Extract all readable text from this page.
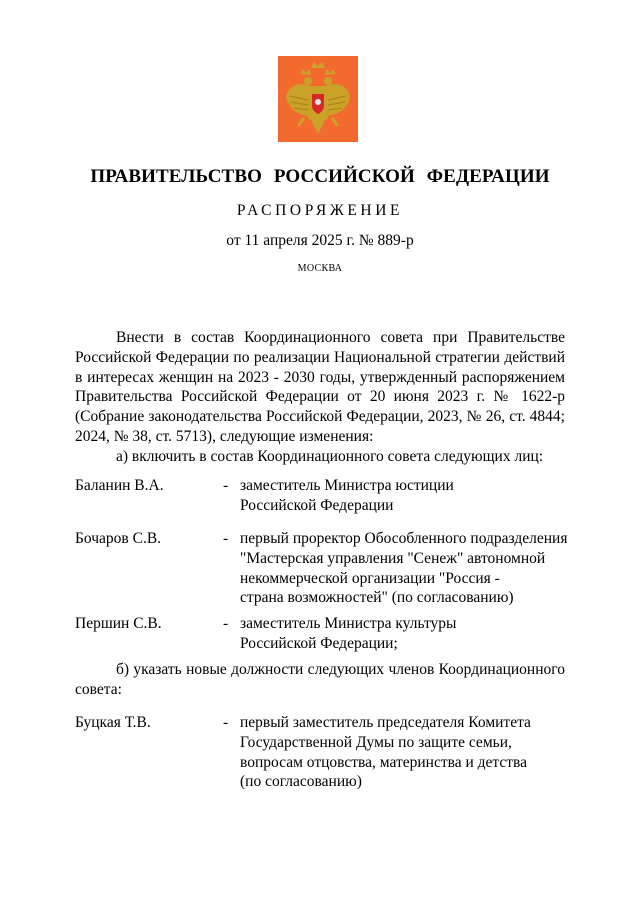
ПРАВИТЕЛЬСТВО РОССИЙСКОЙ ФЕДЕРАЦИИ
РАСПОРЯЖЕНИЕ
от 11 апреля 2025 г. № 889-р
МОСКВА
Внести в состав Координационного совета при Правительстве Российской Федерации по реализации Национальной стратегии действий в интересах женщин на 2023 - 2030 годы, утвержденный распоряжением Правительства Российской Федерации от 20 июня 2023 г. № 1622-р (Собрание законодательства Российской Федерации, 2023, № 26, ст. 4844; 2024, № 38, ст. 5713), следующие изменения:
а) включить в состав Координационного совета следующих лиц:
Баланин В.А.	- заместитель Министра юстиции
Российской Федерации
Бочаров С.В.	- первый проректор Обособленного подразделения
"Мастерская управления "Сенеж" автономной
некоммерческой организации "Россия -
страна возможностей" (по согласованию)
Першин С.В.	- заместитель Министра культуры
Российской Федерации;
б) указать новые должности следующих членов Координационного совета:
Буцкая Т.В.	- первый заместитель председателя Комитета
Государственной Думы по защите семьи,
вопросам отцовства, материнства и детства
(по согласованию)
